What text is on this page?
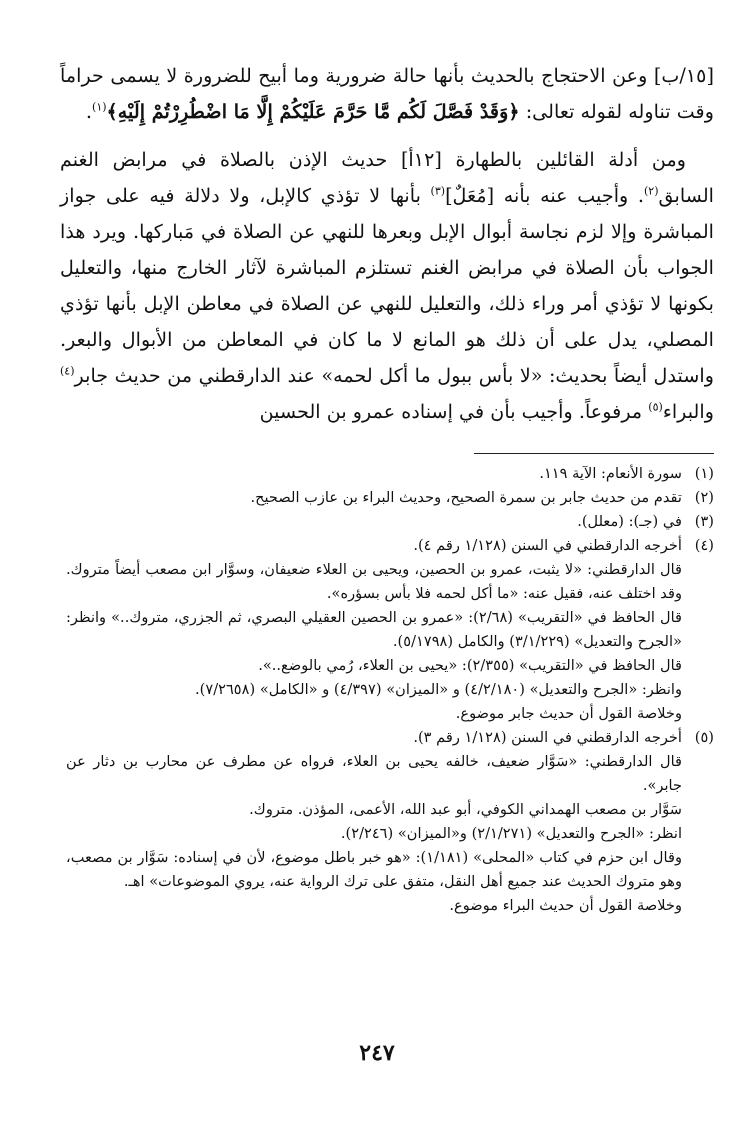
[١٥/ب] وعن الاحتجاج بالحديث بأنها حالة ضرورية وما أبيح للضرورة لا يسمى حراماً وقت تناوله لقوله تعالى: ﴿وَقَدْ فَصَّلَ لَكُم مَّا حَرَّمَ عَلَيْكُمْ إِلَّا مَا اضْطُرِرْتُمْ إِلَيْهِ﴾$^{(١)}$.

ومن أدلة القائلين بالطهارة [١٢أ] حديث الإذن بالصلاة في مرابض الغنم السابق$^{(٢)}$. وأجيب عنه بأنه [مُعَلٌ]$^{(٣)}$ بأنها لا تؤذي كالإبل، ولا دلالة فيه على جواز المباشرة وإلا لزم نجاسة أبوال الإبل وبعرها للنهي عن الصلاة في مَباركها. ويرد هذا الجواب بأن الصلاة في مرابض الغنم تستلزم المباشرة لآثار الخارج منها، والتعليل بكونها لا تؤذي أمر وراء ذلك، والتعليل للنهي عن الصلاة في معاطن الإبل بأنها تؤذي المصلي، يدل على أن ذلك هو المانع لا ما كان في المعاطن من الأبوال والبعر. واستدل أيضاً بحديث: «لا بأس ببول ما أكل لحمه» عند الدارقطني من حديث جابر$^{(٤)}$ والبراء$^{(٥)}$ مرفوعاً. وأجيب بأن في إسناده عمرو بن الحسين

(١)

سورة الأنعام: الآية ١١٩.

(٢)

تقدم من حديث جابر بن سمرة الصحيح، وحديث البراء بن عازب الصحيح.

(٣)

في (جـ): (معلل).

(٤)

أخرجه الدارقطني في السنن (١/١٢٨ رقم ٤).

قال الدارقطني: «لا يثبت، عمرو بن الحصين، ويحيى بن العلاء ضعيفان، وسوَّار ابن مصعب أيضاً متروك. وقد اختلف عنه، فقيل عنه: «ما أكل لحمه فلا بأس بسؤره».

قال الحافظ في «التقريب» (٢/٦٨): «عمرو بن الحصين العقيلي البصري، ثم الجزري، متروك..» وانظر: «الجرح والتعديل» (٣/١/٢٢٩) والكامل (٥/١٧٩٨).

قال الحافظ في «التقريب» (٢/٣٥٥): «يحيى بن العلاء، رُمي بالوضع..».

وانظر: «الجرح والتعديل» (٤/٢/١٨٠) و «الميزان» (٤/٣٩٧) و «الكامل» (٧/٢٦٥٨).

وخلاصة القول أن حديث جابر موضوع.

(٥)

أخرجه الدارقطني في السنن (١/١٢٨ رقم ٣).

قال الدارقطني: «سَوَّار ضعيف، خالفه يحيى بن العلاء، فرواه عن مطرف عن محارب بن دثار عن جابر».

سَوَّار بن مصعب الهمداني الكوفي، أبو عبد الله، الأعمى، المؤذن. متروك.

انظر: «الجرح والتعديل» (٢/١/٢٧١) و«الميزان» (٢/٢٤٦).

وقال ابن حزم في كتاب «المحلى» (١/١٨١): «هو خبر باطل موضوع، لأن في إسناده: سَوَّار بن مصعب، وهو متروك الحديث عند جميع أهل النقل، متفق على ترك الرواية عنه، يروي الموضوعات» اهـ.

وخلاصة القول أن حديث البراء موضوع.

٢٤٧
